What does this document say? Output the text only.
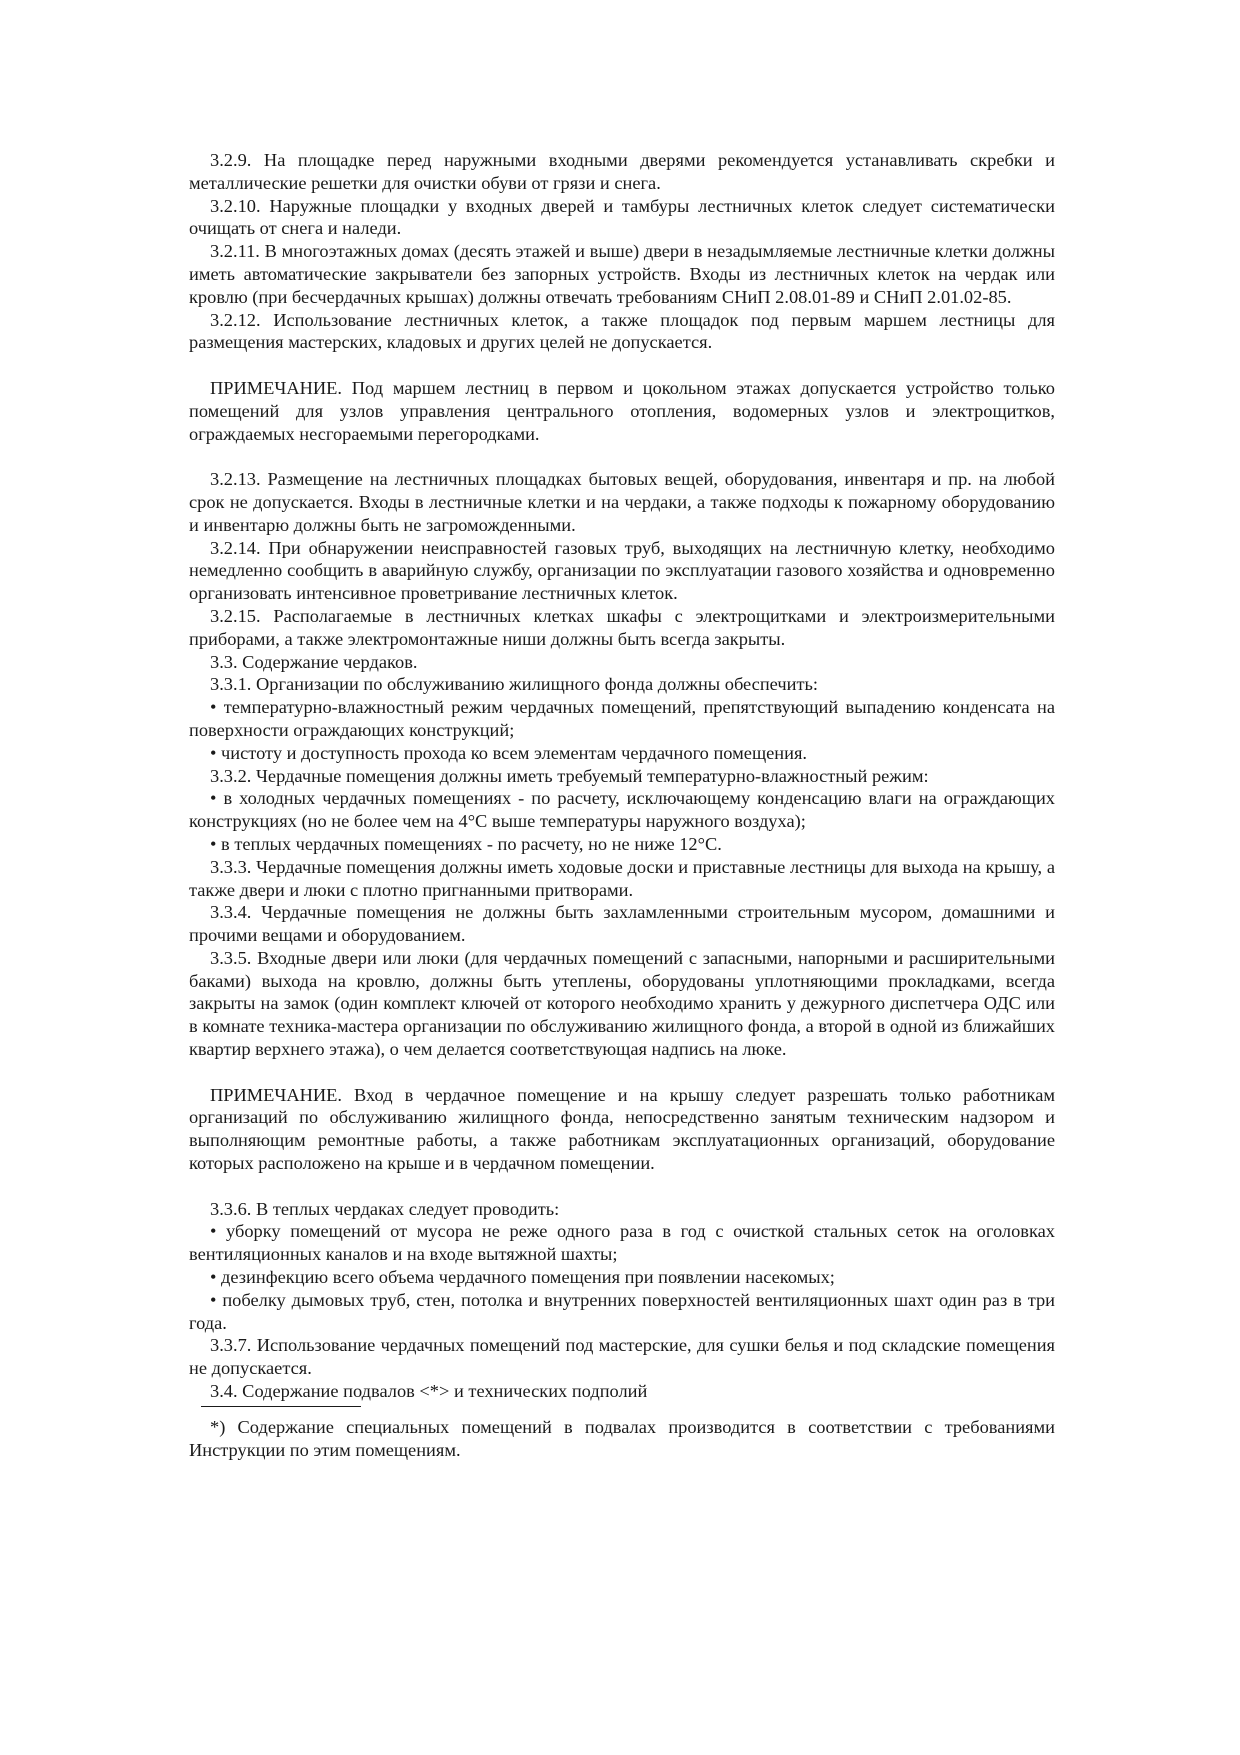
3.2.9. На площадке перед наружными входными дверями рекомендуется устанавливать скребки и металлические решетки для очистки обуви от грязи и снега.

3.2.10. Наружные площадки у входных дверей и тамбуры лестничных клеток следует систематически очищать от снега и наледи.

3.2.11. В многоэтажных домах (десять этажей и выше) двери в незадымляемые лестничные клетки должны иметь автоматические закрыватели без запорных устройств. Входы из лестничных клеток на чердак или кровлю (при бесчердачных крышах) должны отвечать требованиям СНиП 2.08.01-89 и СНиП 2.01.02-85.

3.2.12. Использование лестничных клеток, а также площадок под первым маршем лестницы для размещения мастерских, кладовых и других целей не допускается.

ПРИМЕЧАНИЕ. Под маршем лестниц в первом и цокольном этажах допускается устройство только помещений для узлов управления центрального отопления, водомерных узлов и электрощитков, ограждаемых несгораемыми перегородками.

3.2.13. Размещение на лестничных площадках бытовых вещей, оборудования, инвентаря и пр. на любой срок не допускается. Входы в лестничные клетки и на чердаки, а также подходы к пожарному оборудованию и инвентарю должны быть не загроможденными.

3.2.14. При обнаружении неисправностей газовых труб, выходящих на лестничную клетку, необходимо немедленно сообщить в аварийную службу, организации по эксплуатации газового хозяйства и одновременно организовать интенсивное проветривание лестничных клеток.

3.2.15. Располагаемые в лестничных клетках шкафы с электрощитками и электроизмерительными приборами, а также электромонтажные ниши должны быть всегда закрыты.

3.3. Содержание чердаков.

3.3.1. Организации по обслуживанию жилищного фонда должны обеспечить:

• температурно-влажностный режим чердачных помещений, препятствующий выпадению конденсата на поверхности ограждающих конструкций;

• чистоту и доступность прохода ко всем элементам чердачного помещения.

3.3.2. Чердачные помещения должны иметь требуемый температурно-влажностный режим:

• в холодных чердачных помещениях - по расчету, исключающему конденсацию влаги на ограждающих конструкциях (но не более чем на 4°С выше температуры наружного воздуха);

• в теплых чердачных помещениях - по расчету, но не ниже 12°С.

3.3.3. Чердачные помещения должны иметь ходовые доски и приставные лестницы для выхода на крышу, а также двери и люки с плотно пригнанными притворами.

3.3.4. Чердачные помещения не должны быть захламленными строительным мусором, домашними и прочими вещами и оборудованием.

3.3.5. Входные двери или люки (для чердачных помещений с запасными, напорными и расширительными баками) выхода на кровлю, должны быть утеплены, оборудованы уплотняющими прокладками, всегда закрыты на замок (один комплект ключей от которого необходимо хранить у дежурного диспетчера ОДС или в комнате техника-мастера организации по обслуживанию жилищного фонда, а второй в одной из ближайших квартир верхнего этажа), о чем делается соответствующая надпись на люке.

ПРИМЕЧАНИЕ. Вход в чердачное помещение и на крышу следует разрешать только работникам организаций по обслуживанию жилищного фонда, непосредственно занятым техническим надзором и выполняющим ремонтные работы, а также работникам эксплуатационных организаций, оборудование которых расположено на крыше и в чердачном помещении.

3.3.6. В теплых чердаках следует проводить:

• уборку помещений от мусора не реже одного раза в год с очисткой стальных сеток на оголовках вентиляционных каналов и на входе вытяжной шахты;

• дезинфекцию всего объема чердачного помещения при появлении насекомых;

• побелку дымовых труб, стен, потолка и внутренних поверхностей вентиляционных шахт один раз в три года.

3.3.7. Использование чердачных помещений под мастерские, для сушки белья и под складские помещения не допускается.

3.4. Содержание подвалов <*> и технических подполий

*) Содержание специальных помещений в подвалах производится в соответствии с требованиями Инструкции по этим помещениям.
